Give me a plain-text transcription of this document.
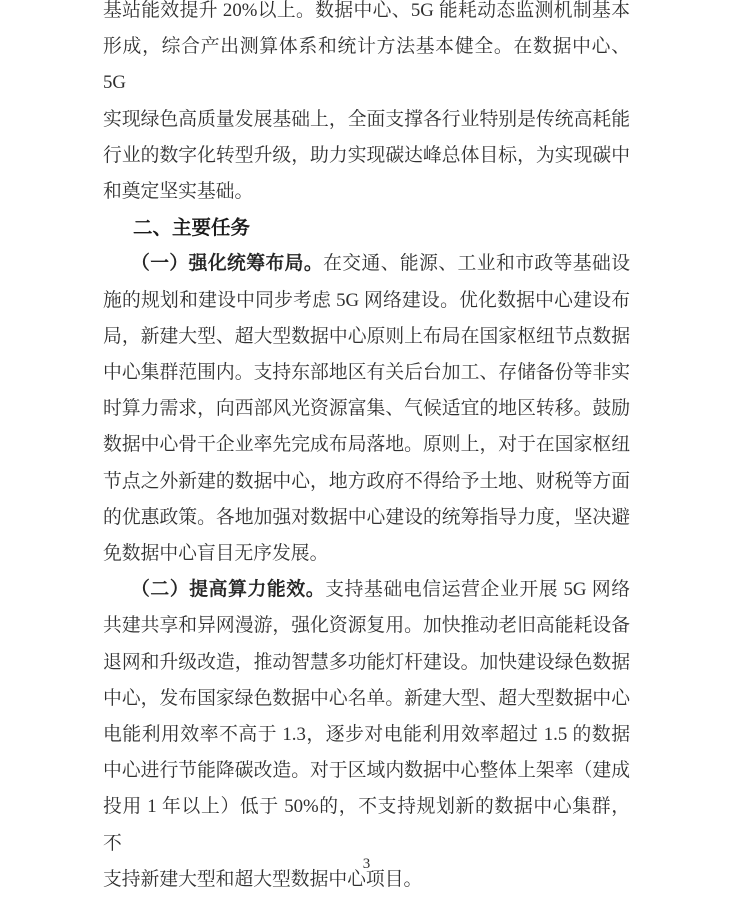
基站能效提升 20%以上。数据中心、5G 能耗动态监测机制基本
形成，综合产出测算体系和统计方法基本健全。在数据中心、5G
实现绿色高质量发展基础上，全面支撑各行业特别是传统高耗能
行业的数字化转型升级，助力实现碳达峰总体目标，为实现碳中
和奠定坚实基础。
二、主要任务
（一）强化统筹布局。在交通、能源、工业和市政等基础设
施的规划和建设中同步考虑 5G 网络建设。优化数据中心建设布
局，新建大型、超大型数据中心原则上布局在国家枢纽节点数据
中心集群范围内。支持东部地区有关后台加工、存储备份等非实
时算力需求，向西部风光资源富集、气候适宜的地区转移。鼓励
数据中心骨干企业率先完成布局落地。原则上，对于在国家枢纽
节点之外新建的数据中心，地方政府不得给予土地、财税等方面
的优惠政策。各地加强对数据中心建设的统筹指导力度，坚决避
免数据中心盲目无序发展。
（二）提高算力能效。支持基础电信运营企业开展 5G 网络
共建共享和异网漫游，强化资源复用。加快推动老旧高能耗设备
退网和升级改造，推动智慧多功能灯杆建设。加快建设绿色数据
中心，发布国家绿色数据中心名单。新建大型、超大型数据中心
电能利用效率不高于 1.3，逐步对电能利用效率超过 1.5 的数据
中心进行节能降碳改造。对于区域内数据中心整体上架率（建成
投用 1 年以上）低于 50%的，不支持规划新的数据中心集群，不
支持新建大型和超大型数据中心项目。
3
